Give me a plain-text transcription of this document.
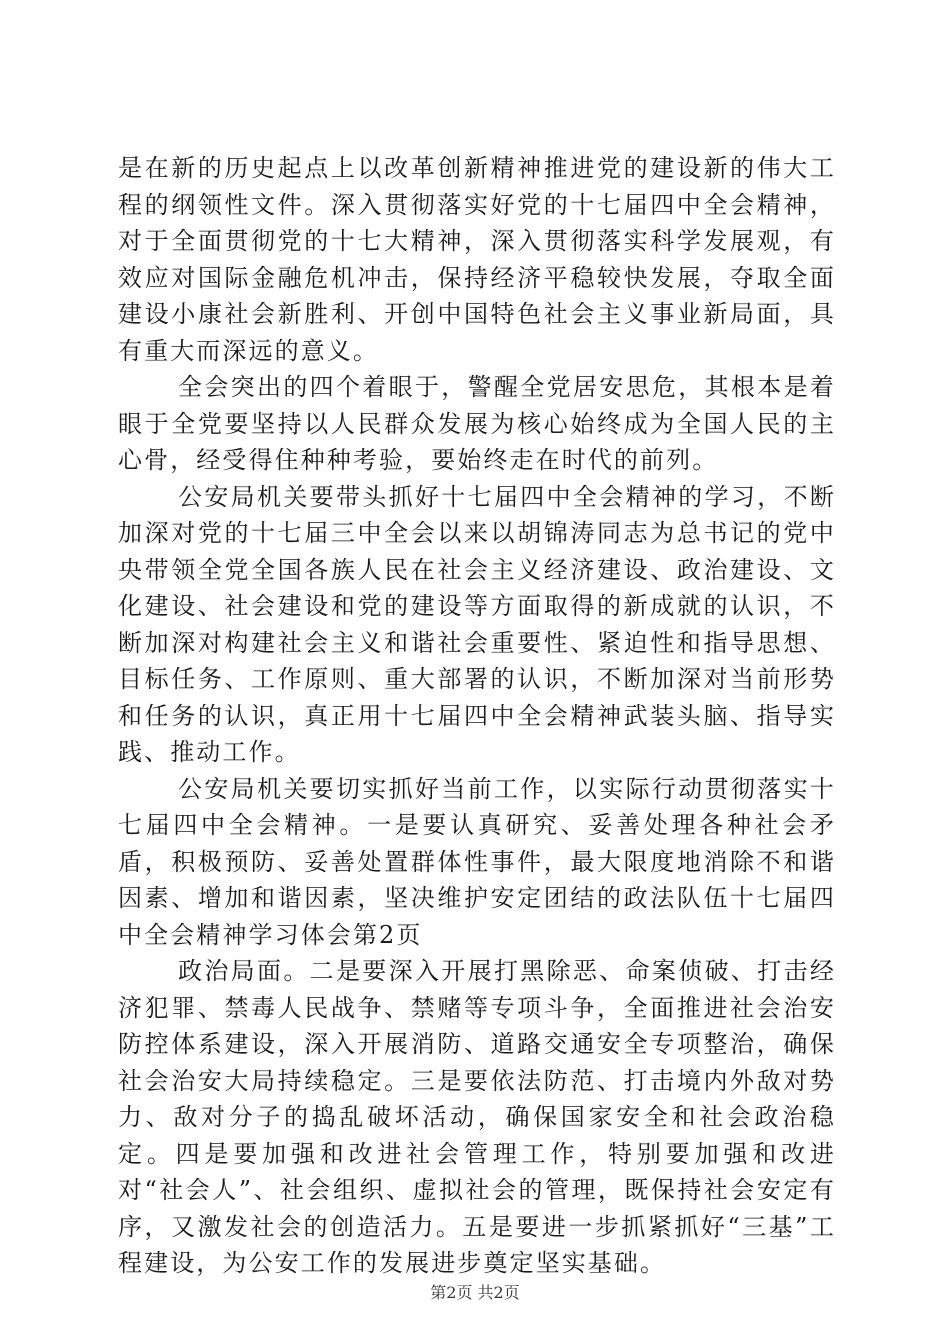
是在新的历史起点上以改革创新精神推进党的建设新的伟大工程的纲领性文件。深入贯彻落实好党的十七届四中全会精神，对于全面贯彻党的十七大精神，深入贯彻落实科学发展观，有效应对国际金融危机冲击，保持经济平稳较快发展，夺取全面建设小康社会新胜利、开创中国特色社会主义事业新局面，具有重大而深远的意义。

全会突出的四个着眼于，警醒全党居安思危，其根本是着眼于全党要坚持以人民群众发展为核心始终成为全国人民的主心骨，经受得住种种考验，要始终走在时代的前列。

公安局机关要带头抓好十七届四中全会精神的学习，不断加深对党的十七届三中全会以来以胡锦涛同志为总书记的党中央带领全党全国各族人民在社会主义经济建设、政治建设、文化建设、社会建设和党的建设等方面取得的新成就的认识，不断加深对构建社会主义和谐社会重要性、紧迫性和指导思想、目标任务、工作原则、重大部署的认识，不断加深对当前形势和任务的认识，真正用十七届四中全会精神武装头脑、指导实践、推动工作。

公安局机关要切实抓好当前工作，以实际行动贯彻落实十七届四中全会精神。一是要认真研究、妥善处理各种社会矛盾，积极预防、妥善处置群体性事件，最大限度地消除不和谐因素、增加和谐因素，坚决维护安定团结的政法队伍十七届四中全会精神学习体会第2页

政治局面。二是要深入开展打黑除恶、命案侦破、打击经济犯罪、禁毒人民战争、禁赌等专项斗争，全面推进社会治安防控体系建设，深入开展消防、道路交通安全专项整治，确保社会治安大局持续稳定。三是要依法防范、打击境内外敌对势力、敌对分子的捣乱破坏活动，确保国家安全和社会政治稳定。四是要加强和改进社会管理工作，特别要加强和改进对“社会人”、社会组织、虚拟社会的管理，既保持社会安定有序，又激发社会的创造活力。五是要进一步抓紧抓好“三基”工程建设，为公安工作的发展进步奠定坚实基础。

第2页 共2页
